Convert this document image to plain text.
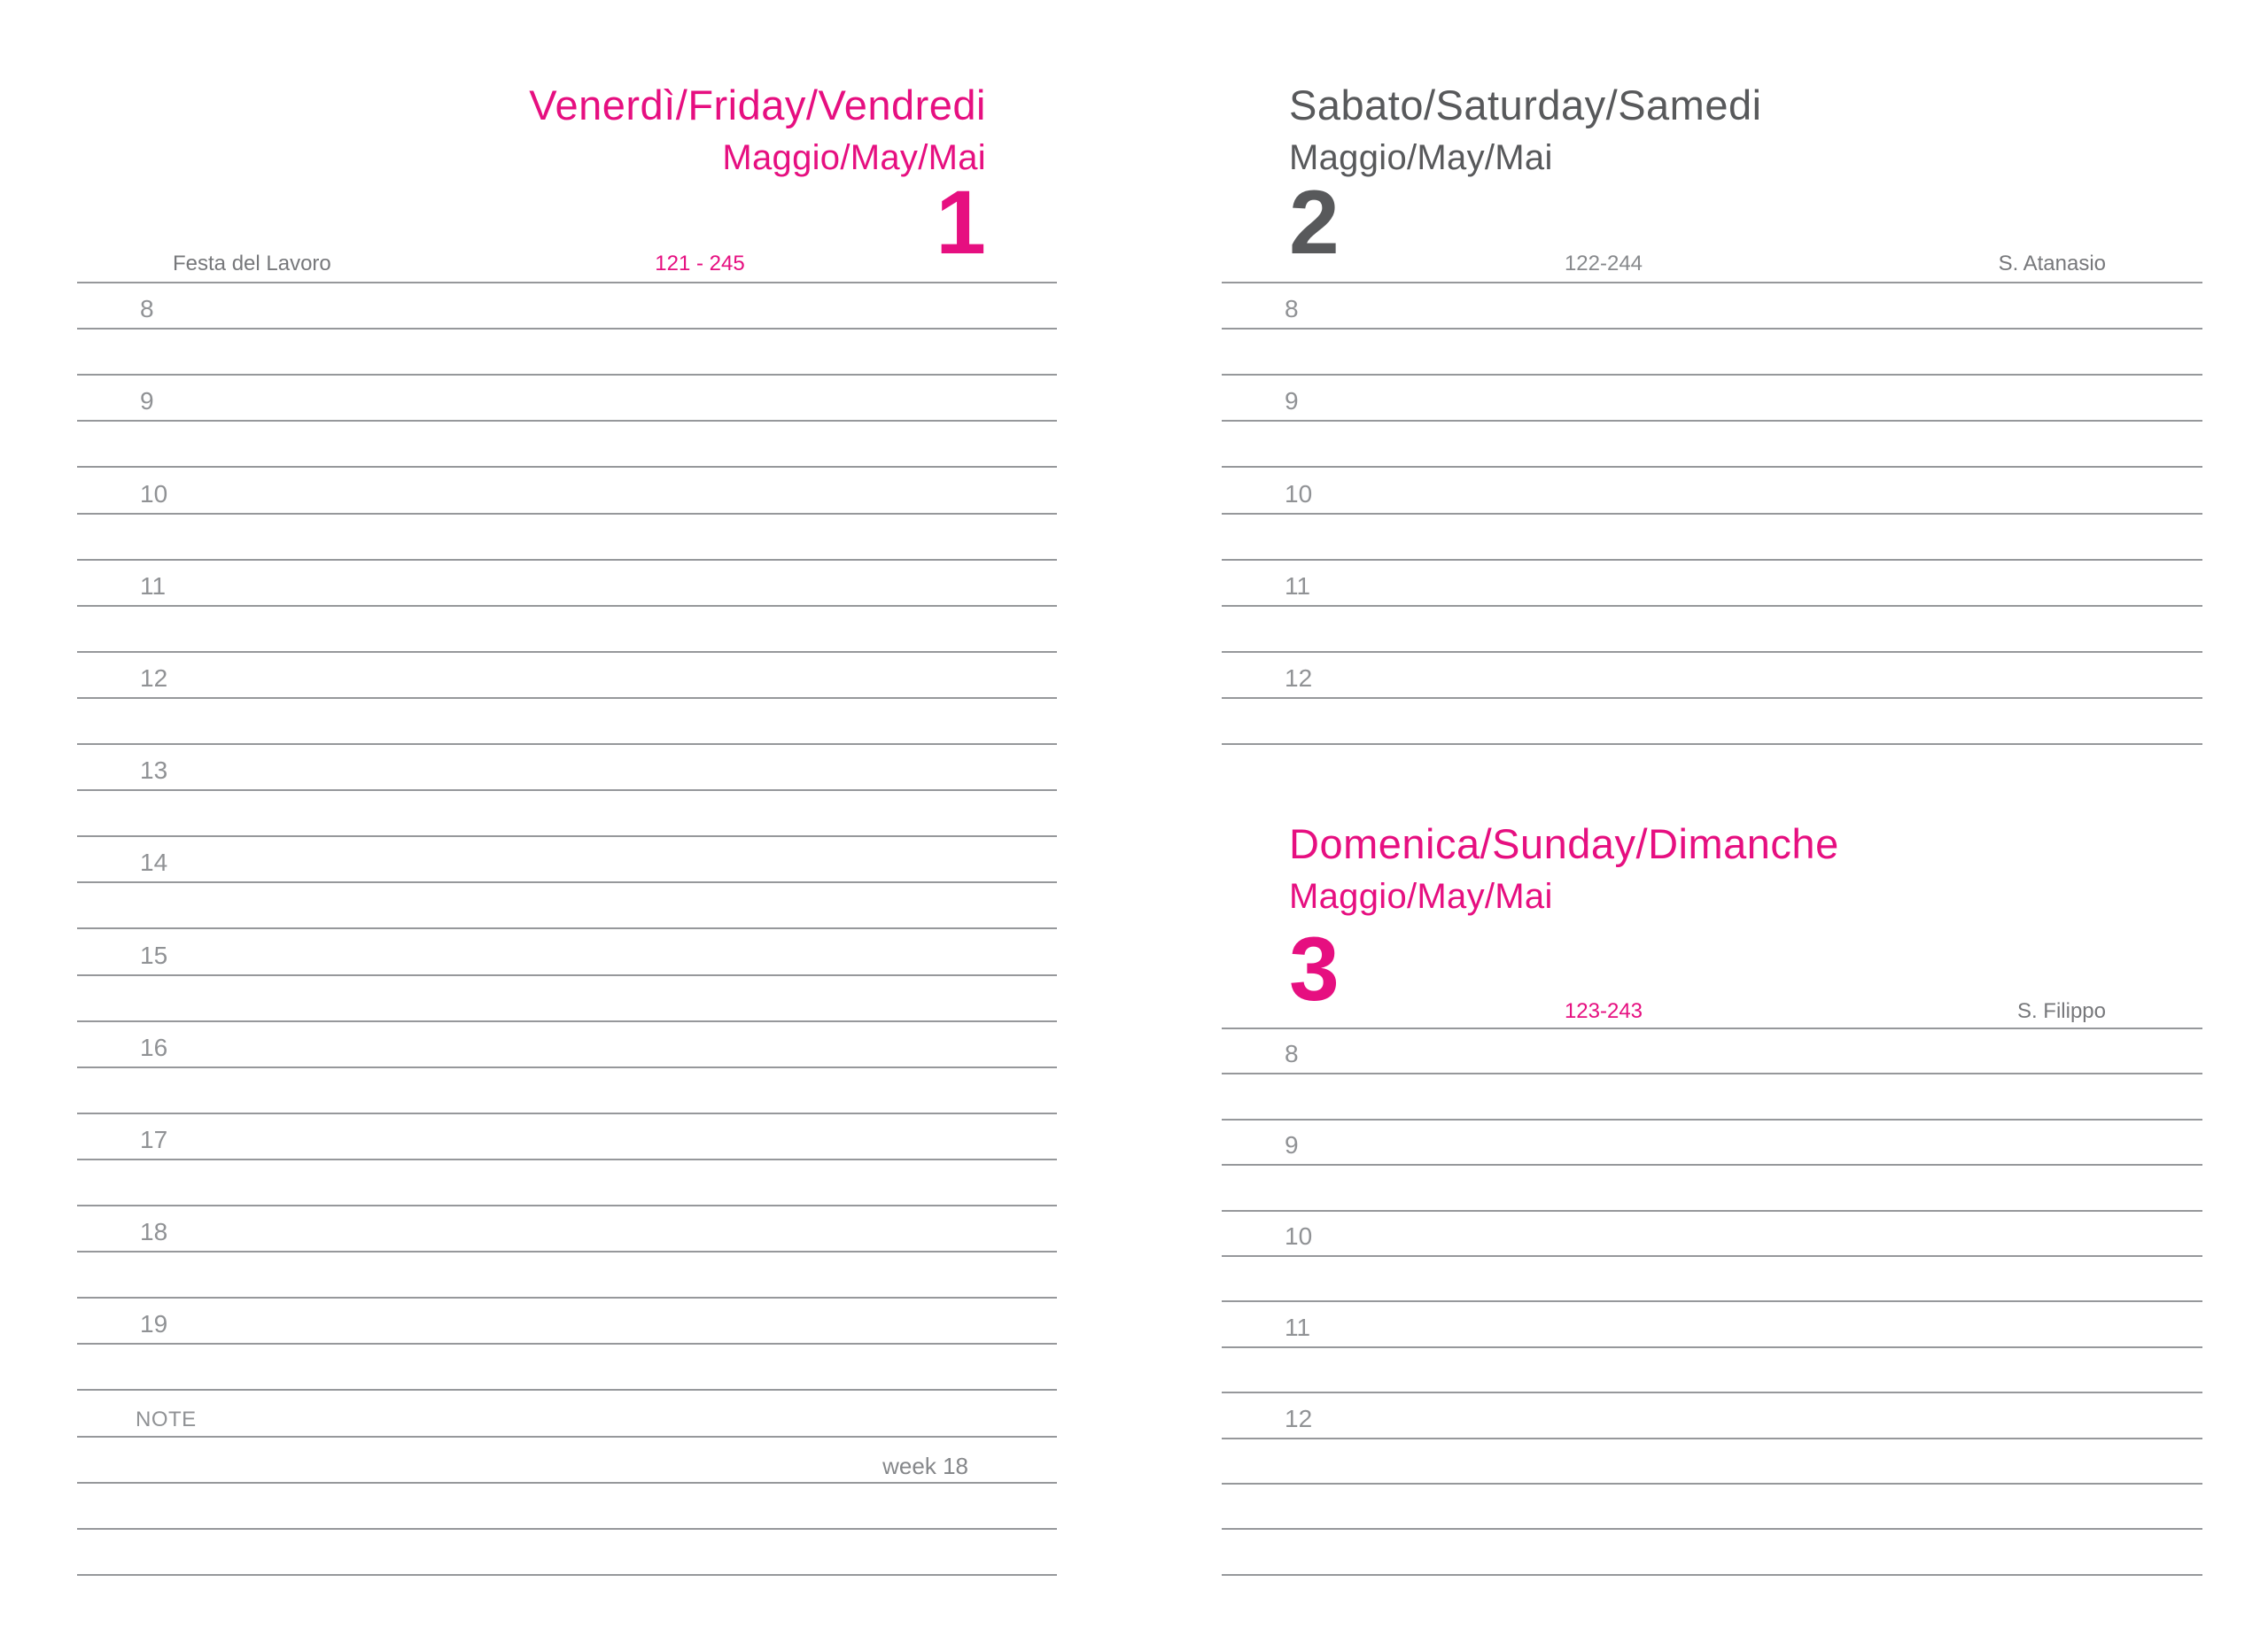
Venerdì/Friday/Vendredi
Maggio/May/Mai
1
Festa del Lavoro	121 - 245
8
9
10
11
12
13
14
15
16
17
18
19
NOTE
week 18
Sabato/Saturday/Samedi
Maggio/May/Mai
2	122-244	S. Atanasio
8
9
10
11
12
Domenica/Sunday/Dimanche
Maggio/May/Mai
3	123-243	S. Filippo
8
9
10
11
12
